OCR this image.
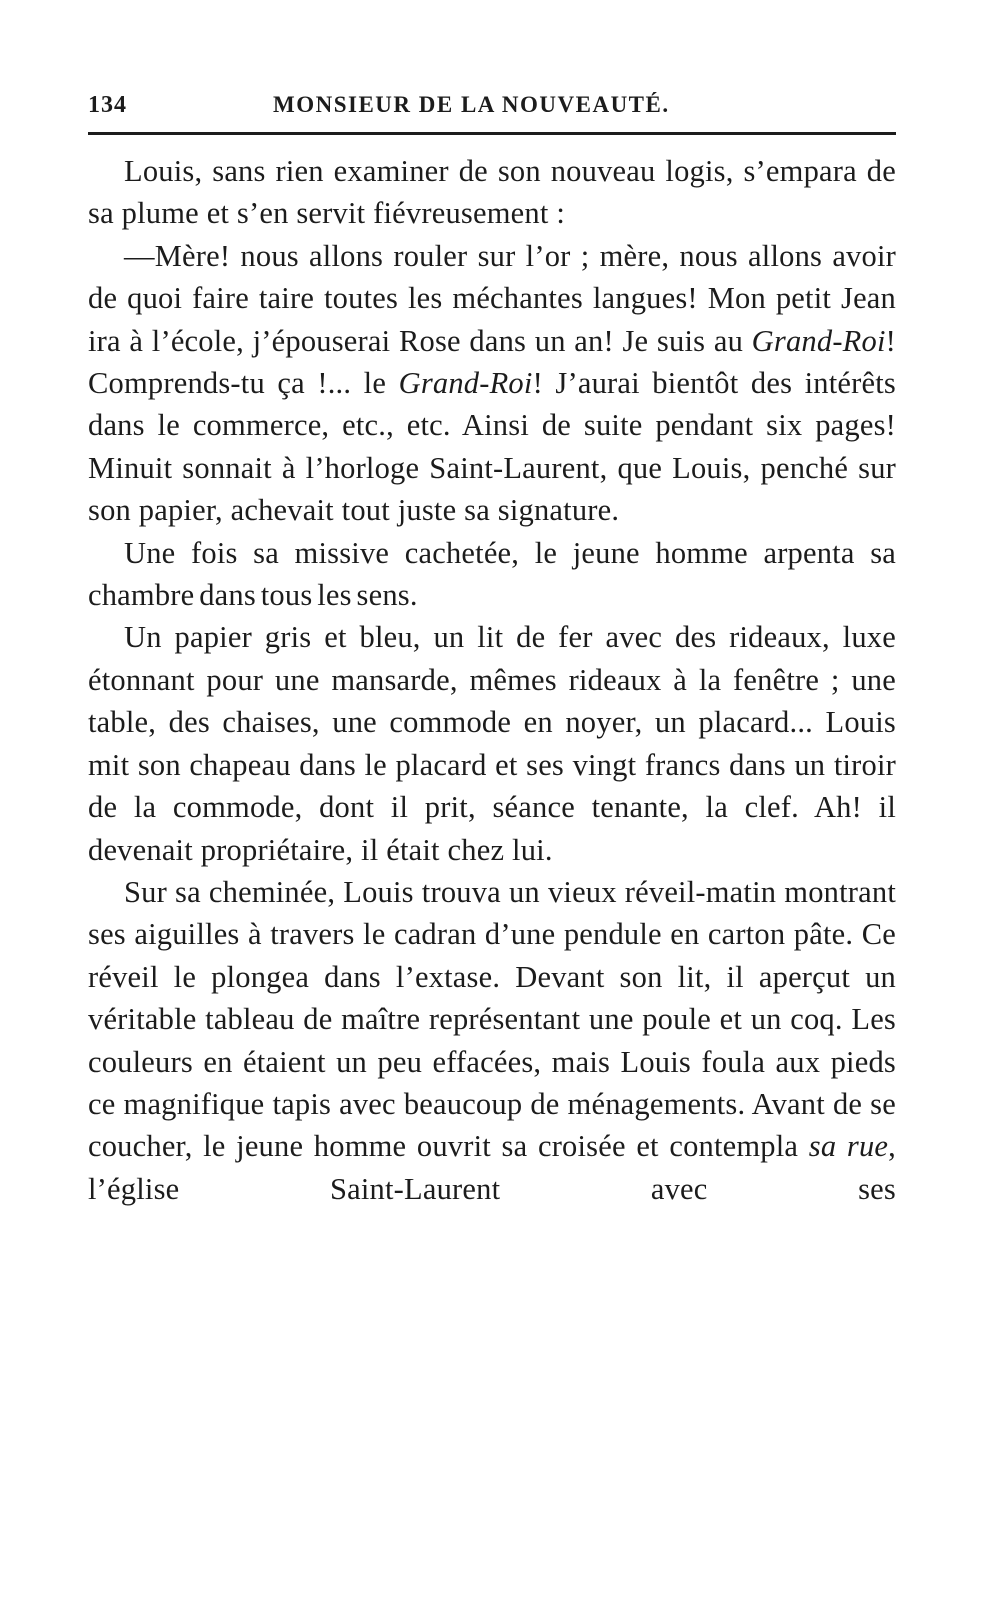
134	MONSIEUR DE LA NOUVEAUTÉ.

Louis, sans rien examiner de son nouveau logis, s’empara de sa plume et s’en servit fiévreusement :

—Mère! nous allons rouler sur l’or ; mère, nous allons avoir de quoi faire taire toutes les méchantes langues! Mon petit Jean ira à l’école, j’épouserai Rose dans un an! Je suis au Grand-Roi! Comprends-tu ça !... le Grand-Roi! J’aurai bientôt des intérêts dans le commerce, etc., etc. Ainsi de suite pendant six pages! Minuit sonnait à l’horloge Saint-Laurent, que Louis, penché sur son papier, achevait tout juste sa signature.

Une fois sa missive cachetée, le jeune homme arpenta sa chambre dans tous les sens.

Un papier gris et bleu, un lit de fer avec des rideaux, luxe étonnant pour une mansarde, mêmes rideaux à la fenêtre ; une table, des chaises, une commode en noyer, un placard... Louis mit son chapeau dans le placard et ses vingt francs dans un tiroir de la commode, dont il prit, séance tenante, la clef. Ah! il devenait propriétaire, il était chez lui.

Sur sa cheminée, Louis trouva un vieux réveil-matin montrant ses aiguilles à travers le cadran d’une pendule en carton pâte. Ce réveil le plongea dans l’extase. Devant son lit, il aperçut un véritable tableau de maître représentant une poule et un coq. Les couleurs en étaient un peu effacées, mais Louis foula aux pieds ce magnifique tapis avec beaucoup de ménagements. Avant de se coucher, le jeune homme ouvrit sa croisée et contempla sa rue, l’église Saint-Laurent avec ses
